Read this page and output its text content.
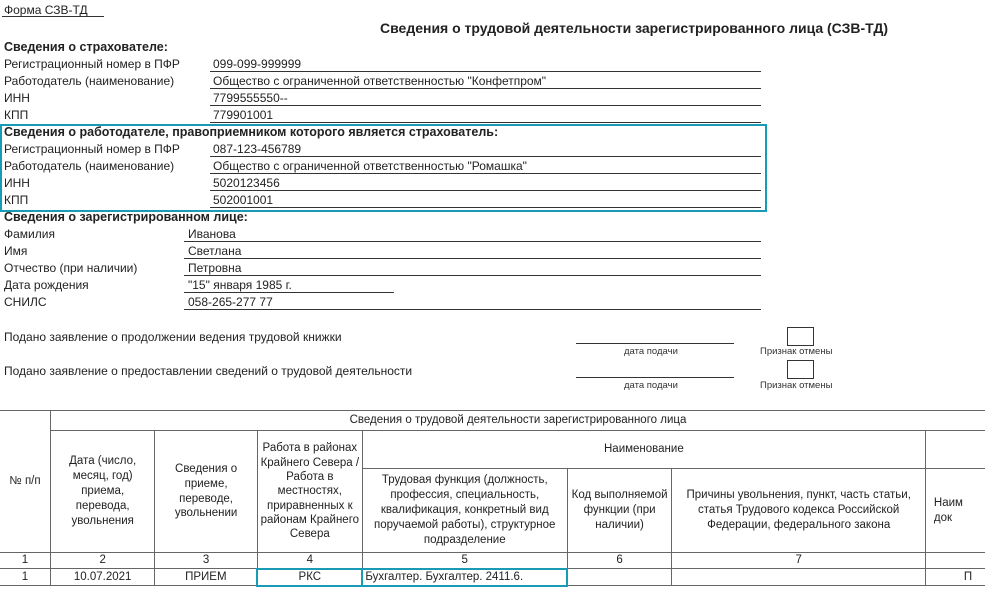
Форма СЗВ-ТД
Сведения о трудовой деятельности зарегистрированного лица (СЗВ-ТД)
Сведения о страхователе:
Регистрационный номер в ПФР	099-099-999999
Работодатель (наименование)	Общество с ограниченной ответственностью "Конфетпром"
ИНН	7799555550--
КПП	779901001
Сведения о работодателе, правоприемником которого является страхователь:
Регистрационный номер в ПФР	087-123-456789
Работодатель (наименование)	Общество с ограниченной ответственностью "Ромашка"
ИНН	5020123456
КПП	502001001
Сведения о зарегистрированном лице:
Фамилия	Иванова
Имя	Светлана
Отчество (при наличии)	Петровна
Дата рождения	"15" января 1985 г.
СНИЛС	058-265-277 77
Подано заявление о продолжении ведения трудовой книжки
дата подачи	Признак отмены
Подано заявление о предоставлении сведений о трудовой деятельности
дата подачи	Признак отмены
№ п/п	Сведения о трудовой деятельности зарегистрированного лица						
	Дата (число, месяц, год) приема, перевода, увольнения	Сведения о приеме, переводе, увольнении	Работа в районах Крайнего Севера / Работа в местностях, приравненных к районам Крайнего Севера	Наименование			
				Трудовая функция (должность, профессия, специальность, квалификация, конкретный вид поручаемой работы), структурное подразделение	Код выполняемой функции (при наличии)	Причины увольнения, пункт, часть статьи, статья Трудового кодекса Российской Федерации, федерального закона	Наим док
1	2	3	4	5	6	7	
1	10.07.2021	ПРИЕМ	РКС	Бухгалтер. Бухгалтер. 2411.6.			П
